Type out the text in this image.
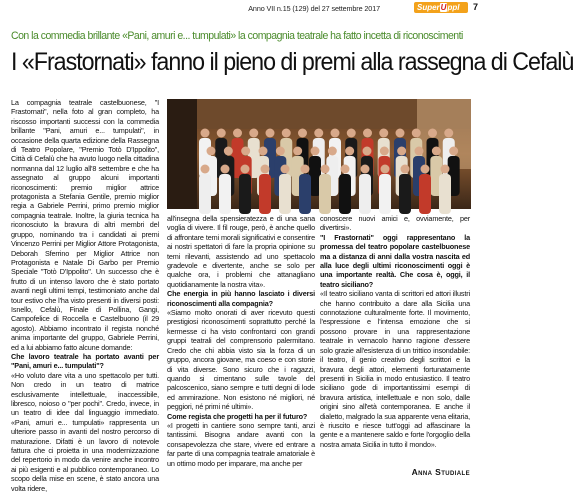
Anno VII n.15 (129) del 27 settembre 2017	SuperUppl	7
Con la commedia brillante «Pani, amuri e... tumpulati» la compagnia teatrale ha fatto incetta di riconoscimenti
I «Frastornati» fanno il pieno di premi alla rassegna di Cefalù

La compagnia teatrale castelbuonese, "I Frastornati", nella foto al gran completo, ha riscosso importanti successi con la commedia brillante "Pani, amuri e... tumpulati", in occasione della quarta edizione della Rassegna di Teatro Popolare, "Premio Totò D'Ippolito", Città di Cefalù che ha avuto luogo nella cittadina normanna dal 12 luglio all'8 settembre e che ha assegnato al gruppo alcuni importanti riconoscimenti: premio miglior attrice protagonista a Stefania Gentile, premio miglior regia a Gabriele Perrini, primo premio miglior compagnia teatrale. Inoltre, la giuria tecnica ha riconosciuto la bravura di altri membri del gruppo, nominando tra i candidati ai premi Vincenzo Perrini per Miglior Attore Protagonista, Deborah Sferrino per Miglior Attrice non Protagonista e Natale Di Garbo per Premio Speciale "Totò D'Ippolito". Un successo che è frutto di un intenso lavoro che è stato portato avanti negli ultimi tempi, testimoniato anche dal tour estivo che l'ha visto presenti in diversi posti: Isnello, Cefalù, Finale di Pollina, Gangi, Campofelice di Roccella e Castelbuono (il 29 agosto). Abbiamo incontrato il regista nonché anima importante del gruppo, Gabriele Perrini, ed a lui abbiamo fatto alcune domande:

Che lavoro teatrale ha portato avanti per "Pani, amuri e... tumpulati"?

«Ho voluto dare vita a uno spettacolo per tutti. Non credo in un teatro di matrice esclusivamente intellettuale, inaccessibile, libresco, noioso o "per pochi". Credo, invece, in un teatro di idee dal linguaggio immediato. «Pani, amuri e... tumpulati» rappresenta un ulteriore passo in avanti del nostro percorso di maturazione. Difatti è un lavoro di notevole fattura che ci proietta in una modernizzazione del repertorio in modo da venire anche incontro ai più esigenti e al pubblico contemporaneo. Lo scopo della mise en scene, è stato ancora una volta riderе,

all'insegna della spensieratezza e di una sana voglia di vivere. Il fil rouge, però, è anche quello di affrontare temi morali significativi e consentire ai nostri spettatori di fare la propria opinione su temi rilevanti, assistendo ad uno spettacolo gradevole e divertente, anche se solo per qualche ora, i problemi che attanagliano quotidianamente la nostra vita».

Che energia in più hanno lasciato i diversi riconoscimenti alla compagnia?

«Siamo molto onorati di aver ricevuto questi prestigiosi riconoscimenti soprattutto perché la kermesse ci ha visto confrontarci con grandi gruppi teatrali del comprensorio palermitano. Credo che chi abbia visto sia la forza di un gruppo, ancora giovane, ma coeso e con storie di vita diverse. Sono sicuro che i ragazzi, quando si cimentano sulle tavole del palcoscenico, siano sempre e tutti degni di lode ed ammirazione. Non esistono né migliori, né peggiori, né primi né ultimi».

Come regista che progetti ha per il futuro?

«I progetti in cantiere sono sempre tanti, anzi tantissimi. Bisogna andare avanti con la consapevolezza che stare, vivere ed entrare a far parte di una compagnia teatrale amatoriale è un ottimo modo per imparare, ma anche per

conoscere nuovi amici e, ovviamente, per divertirsi».

"I Frastornati" oggi rappresentano la promessa del teatro popolare castelbuonese ma a distanza di anni dalla vostra nascita ed alla luce degli ultimi riconoscimenti oggi è una importante realtà. Che cosa è, oggi, il teatro siciliano?

«Il teatro siciliano vanta di scrittori ed attori illustri che hanno contribuito a dare alla Sicilia una connotazione culturalmente forte. Il movimento, l'espressione e l'intensa emozione che si possono provare in una rappresentazione teatrale in vernacolo hanno ragione d'essere solo grazie all'esistenza di un trittico insondabile: il teatro, il genio creativo degli scrittori e la bravura degli attori, elementi fortunatamente presenti in Sicilia in modo entusiastico. Il teatro siciliano gode di importantissimi esempi di bravura artistica, intellettuale e non solo, dalle origini sino all'età contemporanea. E anche il dialetto, malgrado la sua apparente vena elitaria, è riuscito e riesce tutt'oggi ad affascinare la gente e a mantenere saldo e forte l'orgoglio della nostra amata Sicilia in tutto il mondo».

Anna Studiale
